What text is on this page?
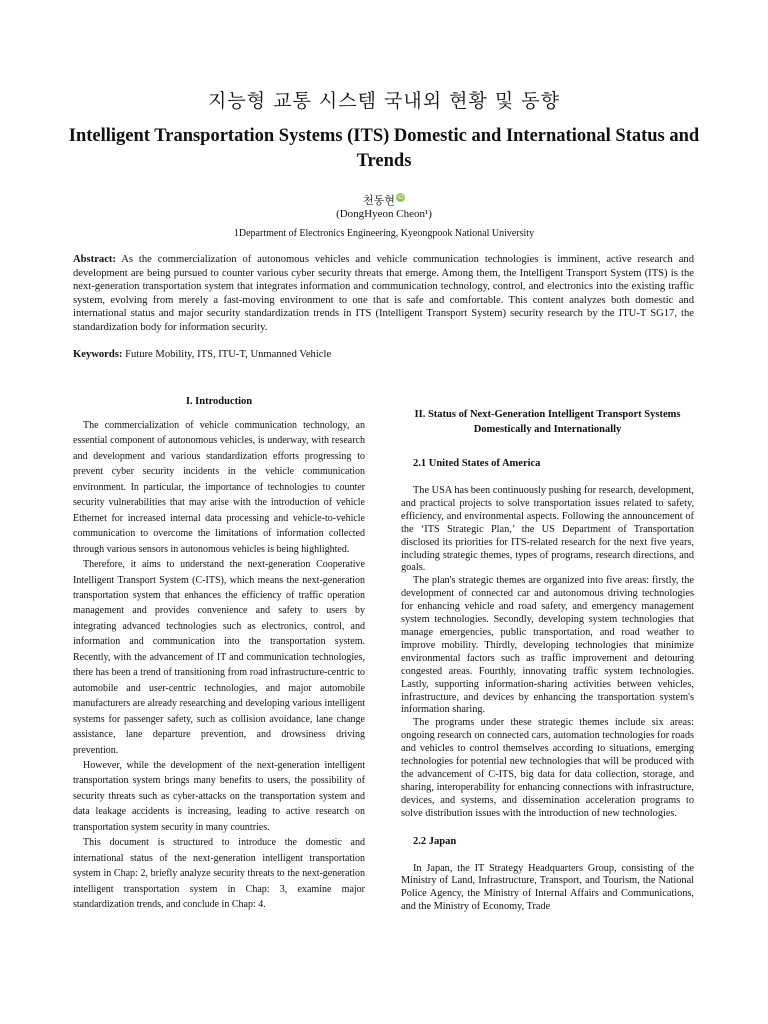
지능형 교통 시스템 국내외 현황 및 동향
Intelligent Transportation Systems (ITS) Domestic and International Status and Trends
천동현 iD
(DongHyeon Cheon¹)
1Department of Electronics Engineering, Kyeongpook National University

Abstract: As the commercialization of autonomous vehicles and vehicle communication technologies is imminent, active research and development are being pursued to counter various cyber security threats that emerge. Among them, the Intelligent Transport System (ITS) is the next-generation transportation system that integrates information and communication technology, control, and electronics into the existing traffic system, evolving from merely a fast-moving environment to one that is safe and comfortable. This content analyzes both domestic and international status and major security standardization trends in ITS (Intelligent Transport System) security research by the ITU-T SG17, the standardization body for information security.

Keywords: Future Mobility, ITS, ITU-T, Unmanned Vehicle

I. Introduction

The commercialization of vehicle communication technology, an essential component of autonomous vehicles, is underway, with research and development and various standardization efforts progressing to prevent cyber security incidents in the vehicle communication environment. In particular, the importance of technologies to counter security vulnerabilities that may arise with the introduction of vehicle Ethernet for increased internal data processing and vehicle-to-vehicle communication to overcome the limitations of information collected through various sensors in autonomous vehicles is being highlighted.

Therefore, it aims to understand the next-generation Cooperative Intelligent Transport System (C-ITS), which means the next-generation transportation system that enhances the efficiency of traffic operation management and provides convenience and safety to users by integrating advanced technologies such as electronics, control, and information and communication into the transportation system. Recently, with the advancement of IT and communication technologies, there has been a trend of transitioning from road infrastructure-centric to automobile and user-centric technologies, and major automobile manufacturers are already researching and developing various intelligent systems for passenger safety, such as collision avoidance, lane change assistance, lane departure prevention, and drowsiness driving prevention.

However, while the development of the next-generation intelligent transportation system brings many benefits to users, the possibility of security threats such as cyber-attacks on the transportation system and data leakage accidents is increasing, leading to active research on transportation system security in many countries.

This document is structured to introduce the domestic and international status of the next-generation intelligent transportation system in Chap: 2, briefly analyze security threats to the next-generation intelligent transportation system in Chap: 3, examine major standardization trends, and conclude in Chap: 4.

II. Status of Next-Generation Intelligent Transport Systems
Domestically and Internationally
2.1 United States of America

The USA has been continuously pushing for research, development, and practical projects to solve transportation issues related to safety, efficiency, and environmental aspects. Following the announcement of the ‘ITS Strategic Plan,’ the US Department of Transportation disclosed its priorities for ITS-related research for the next five years, including strategic themes, types of programs, research directions, and goals.

The plan's strategic themes are organized into five areas: firstly, the development of connected car and autonomous driving technologies for enhancing vehicle and road safety, and emergency management system technologies. Secondly, developing system technologies that manage emergencies, public transportation, and road weather to improve mobility. Thirdly, developing technologies that minimize environmental factors such as traffic improvement and detouring congested areas. Fourthly, innovating traffic system technologies. Lastly, supporting information-sharing activities between vehicles, infrastructure, and devices by enhancing the transportation system's information sharing.

The programs under these strategic themes include six areas: ongoing research on connected cars, automation technologies for roads and vehicles to control themselves according to situations, emerging technologies for potential new technologies that will be produced with the advancement of C-ITS, big data for data collection, storage, and sharing, interoperability for enhancing connections with infrastructure, devices, and systems, and dissemination acceleration programs to solve distribution issues with the introduction of new technologies.

2.2 Japan

In Japan, the IT Strategy Headquarters Group, consisting of the Ministry of Land, Infrastructure, Transport, and Tourism, the National Police Agency, the Ministry of Internal Affairs and Communications, and the Ministry of Economy, Trade
